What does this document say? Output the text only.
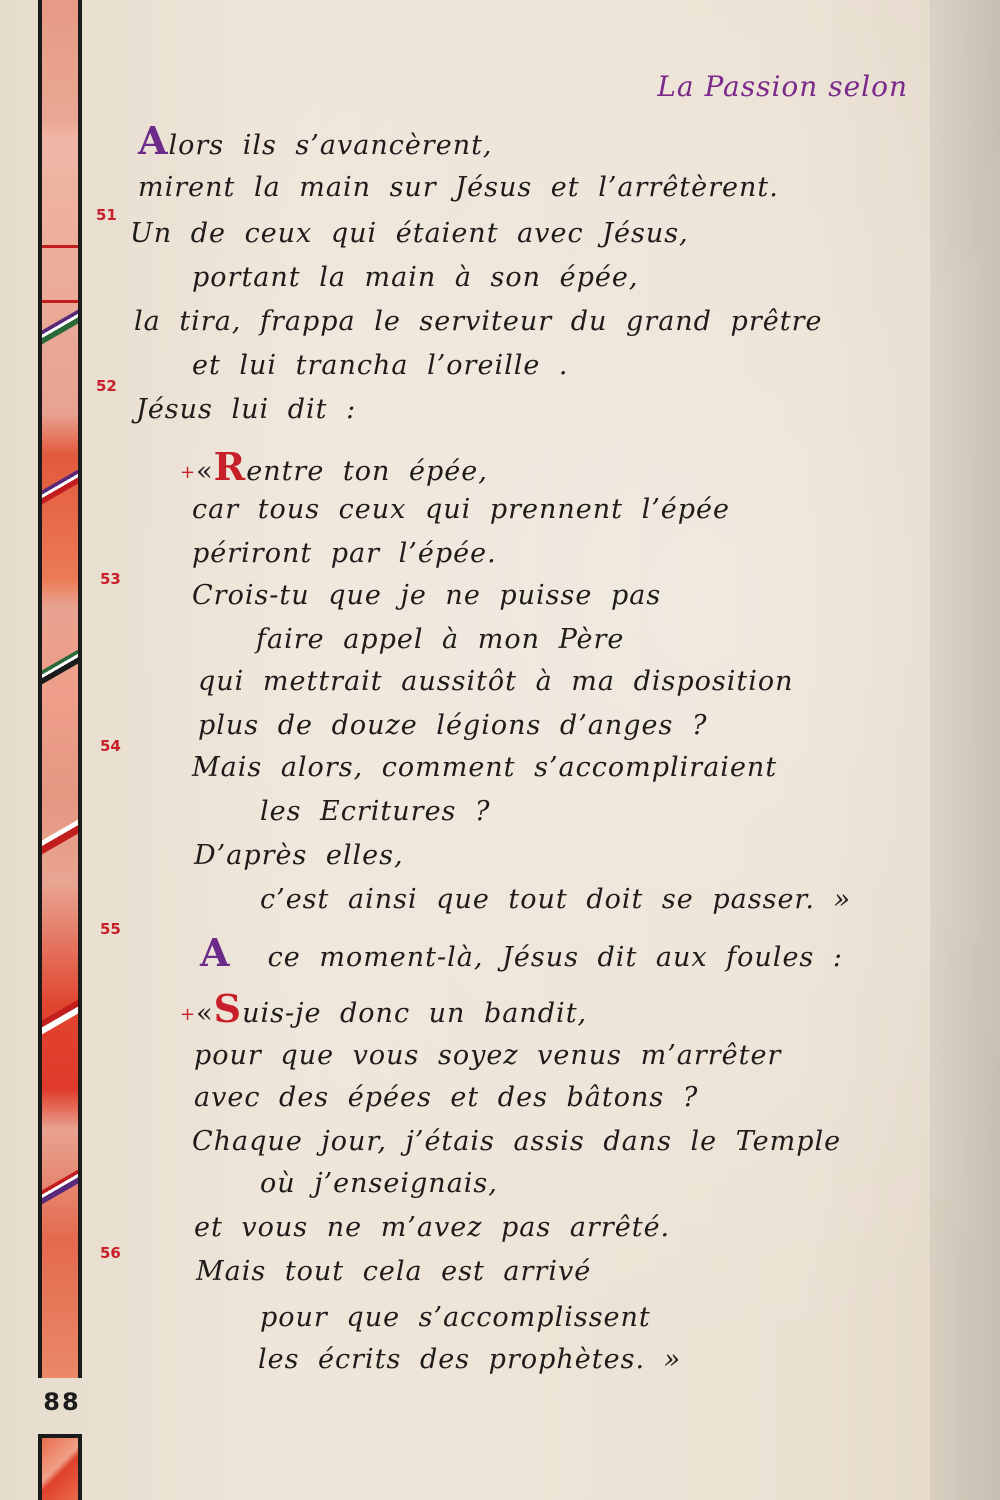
88
La Passion selon
51
52
53
54
55
56
Alors ils s’avancèrent,
mirent la main sur Jésus et l’arrêtèrent.
Un de ceux qui étaient avec Jésus,
portant la main à son épée,
la tira, frappa le serviteur du grand prêtre
et lui trancha l’oreille .
Jésus lui dit :
+«Rentre ton épée,
car tous ceux qui prennent l’épée
périront par l’épée.
Crois-tu que je ne puisse pas
faire appel à mon Père
qui mettrait aussitôt à ma disposition
plus de douze légions d’anges ?
Mais alors, comment s’accompliraient
les Ecritures ?
D’après elles,
c’est ainsi que tout doit se passer. »
A ce moment-là, Jésus dit aux foules :
+«Suis-je donc un bandit,
pour que vous soyez venus m’arrêter
avec des épées et des bâtons ?
Chaque jour, j’étais assis dans le Temple
où j’enseignais,
et vous ne m’avez pas arrêté.
Mais tout cela est arrivé
pour que s’accomplissent
les écrits des prophètes. »
